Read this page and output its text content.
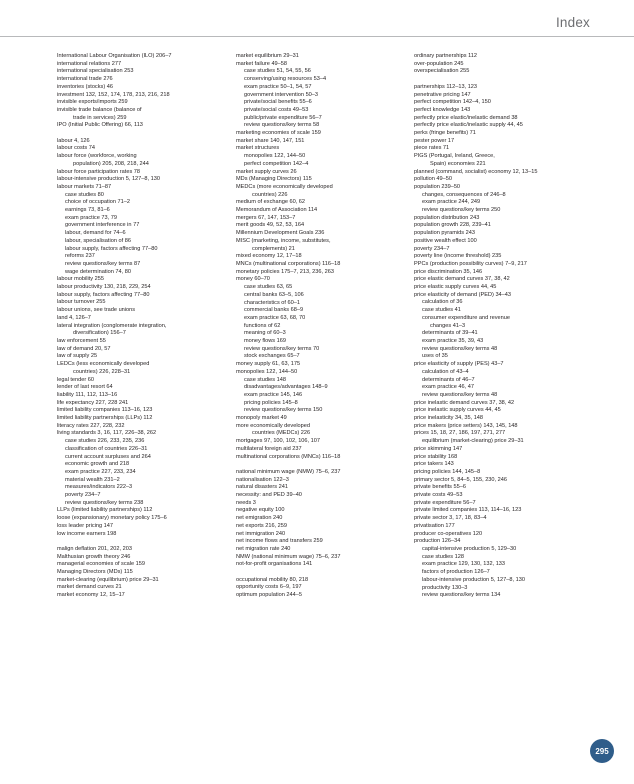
Index
International Labour Organisation (ILO) 206–7
international relations 277
international specialisation 253
international trade 276
inventories (stocks) 46
investment 132, 152, 174, 178, 213, 216, 218
invisible exports/imports 259
invisible trade balance (balance of
trade in services) 259
IPO (Initial Public Offering) 66, 113
labour 4, 126
labour costs 74
labour force (workforce, working
population) 205, 208, 218, 244
labour force participation rates 78
labour-intensive production 5, 127–8, 130
labour markets 71–87
case studies 80
choice of occupation 71–2
earnings 73, 81–6
exam practice 73, 79
government interference in 77
labour, demand for 74–6
labour, specialisation of 86
labour supply, factors affecting 77–80
reforms 237
review questions/key terms 87
wage determination 74, 80
labour mobility 255
labour productivity 130, 218, 229, 254
labour supply, factors affecting 77–80
labour turnover 255
labour unions, see trade unions
land 4, 126–7
lateral integration (conglomerate integration,
diversification) 156–7
law enforcement 55
law of demand 20, 57
law of supply 25
LEDCs (less economically developed
countries) 226, 228–31
legal tender 60
lender of last resort 64
liability 111, 112, 113–16
life expectancy 227, 228 241
limited liability companies 113–16, 123
limited liability partnerships (LLPs) 112
literacy rates 227, 228, 232
living standards 3, 16, 117, 226–38, 262
case studies 226, 233, 235, 236
classification of countries 226–31
current account surpluses and 264
economic growth and 218
exam practice 227, 233, 234
material wealth 231–2
measures/indicators 222–3
poverty 234–7
review questions/key terms 238
LLPs (limited liability partnerships) 112
loose (expansionary) monetary policy 175–6
loss leader pricing 147
low income earners 198
malign deflation 201, 202, 203
Malthusian growth theory 246
managerial economies of scale 159
Managing Directors (MDs) 115
market-clearing (equilibrium) price 29–31
market demand curves 21
market economy 12, 15–17
market equilibrium 29–31
market failure 49–58
case studies 51, 54, 55, 56
conserving/using resources 53–4
exam practice 50–1, 54, 57
government intervention 50–3
private/social benefits 55–6
private/social costs 49–53
public/private expenditure 56–7
review questions/key terms 58
marketing economies of scale 159
market share 140, 147, 151
market structures
monopolies 122, 144–50
perfect competition 142–4
market supply curves 26
MDs (Managing Directors) 115
MEDCs (more economically developed
countries) 226
medium of exchange 60, 62
Memorandum of Association 114
mergers 67, 147, 153–7
merit goods 49, 52, 53, 164
Millennium Development Goals 236
MISC (marketing, income, substitutes,
complements) 21
mixed economy 12, 17–18
MNCs (multinational corporations) 116–18
monetary policies 175–7, 213, 236, 263
money 60–70
case studies 63, 65
central banks 63–5, 106
characteristics of 60–1
commercial banks 68–9
exam practice 63, 68, 70
functions of 62
meaning of 60–3
money flows 169
review questions/key terms 70
stock exchanges 65–7
money supply 61, 63, 175
monopolies 122, 144–50
case studies 148
disadvantages/advantages 148–9
exam practice 145, 146
pricing policies 145–8
review questions/key terms 150
monopoly market 49
more economically developed
countries (MEDCs) 226
mortgages 97, 100, 102, 106, 107
multilateral foreign aid 237
multinational corporations (MNCs) 116–18
national minimum wage (NMW) 75–6, 237
nationalisation 122–3
natural disasters 241
necessity: and PED 39–40
needs 3
negative equity 100
net emigration 240
net exports 216, 259
net immigration 240
net income flows and transfers 259
net migration rate 240
NMW (national minimum wage) 75–6, 237
not-for-profit organisations 141
occupational mobility 80, 218
opportunity costs 6–9, 197
optimum population 244–5
ordinary partnerships 112
over-population 245
overspecialisation 255
partnerships 112–13, 123
penetrative pricing 147
perfect competition 142–4, 150
perfect knowledge 143
perfectly price elastic/inelastic demand 38
perfectly price elastic/inelastic supply 44, 45
perks (fringe benefits) 71
pester power 17
piece rates 71
PIGS (Portugal, Ireland, Greece,
Spain) economies 221
planned (command, socialist) economy 12, 13–15
pollution 49–50
population 239–50
changes, consequences of 246–8
exam practice 244, 249
review questions/key terms 250
population distribution 243
population growth 228, 239–41
population pyramids 243
positive wealth effect 100
poverty 234–7
poverty line (income threshold) 235
PPCs (production possibility curves) 7–9, 217
price discrimination 35, 146
price elastic demand curves 37, 38, 42
price elastic supply curves 44, 45
price elasticity of demand (PED) 34–43
calculation of 36
case studies 41
consumer expenditure and revenue
changes 41–3
determinants of 39–41
exam practice 35, 39, 43
review questions/key terms 48
uses of 35
price elasticity of supply (PES) 43–7
calculation of 43–4
determinants of 46–7
exam practice 46, 47
review questions/key terms 48
price inelastic demand curves 37, 38, 42
price inelastic supply curves 44, 45
price inelasticity 34, 35, 148
price makers (price setters) 143, 145, 148
prices 15, 18, 27, 186, 197, 271, 277
equilibrium (market-clearing) price 29–31
price skimming 147
price stability 168
price takers 143
pricing policies 144, 145–8
primary sector 5, 84–5, 155, 230, 246
private benefits 55–6
private costs 49–53
private expenditure 56–7
private limited companies 113, 114–16, 123
private sector 3, 17, 18, 83–4
privatisation 177
producer co-operatives 120
production 126–34
capital-intensive production 5, 129–30
case studies 128
exam practice 129, 130, 132, 133
factors of production 126–7
labour-intensive production 5, 127–8, 130
productivity 130–3
review questions/key terms 134
295
